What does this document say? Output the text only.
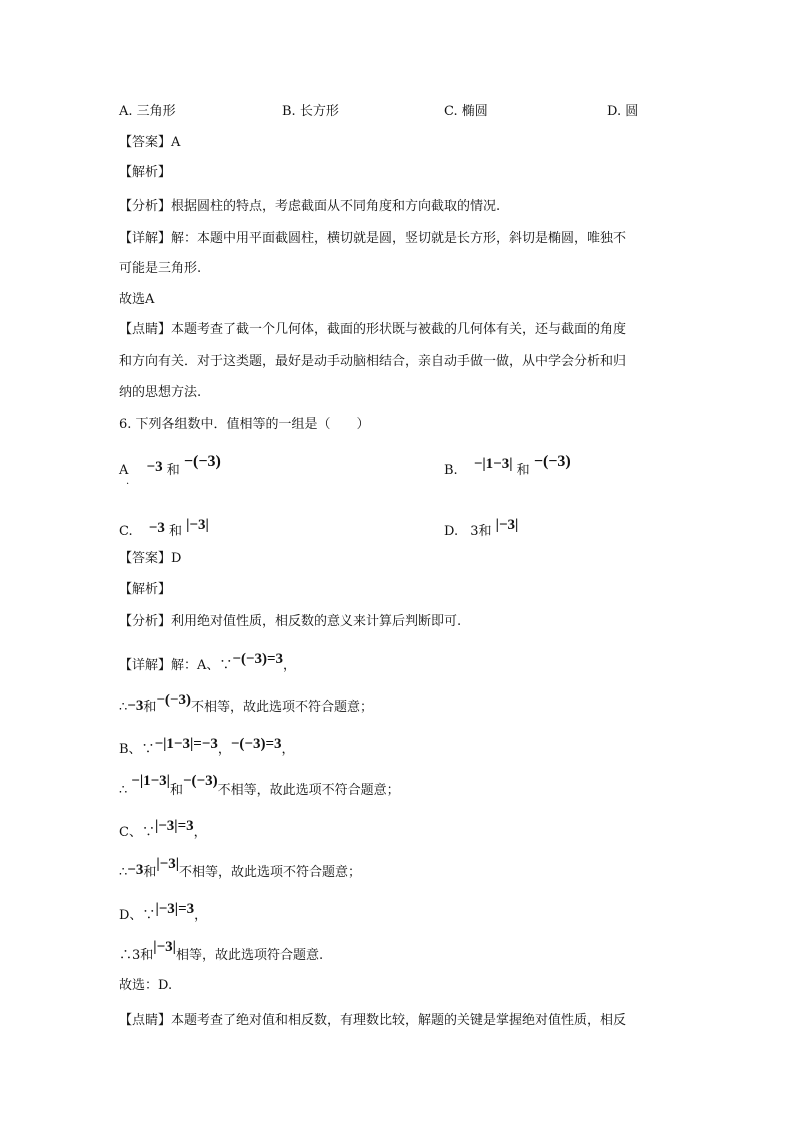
A. 三角形	B. 长方形	C. 椭圆	D. 圆
【答案】A
【解析】
【分析】根据圆柱的特点，考虑截面从不同角度和方向截取的情况.
【详解】解：本题中用平面截圆柱，横切就是圆，竖切就是长方形，斜切是椭圆，唯独不
可能是三角形.
故选A
【点睛】本题考查了截一个几何体，截面的形状既与被截的几何体有关，还与截面的角度
和方向有关．对于这类题，最好是动手动脑相结合，亲自动手做一做，从中学会分析和归
纳的思想方法.
6. 下列各组数中．值相等的一组是（　　）
A −3 和 −(−3)
.
B. −|1−3| 和 −(−3)
C. −3 和 |−3|	D. 3和 |−3|
【答案】D
【解析】
【分析】利用绝对值性质，相反数的意义来计算后判断即可.
【详解】解：A、∵−(−3)=3，
∴−3和−(−3)不相等，故此选项不符合题意；
B、∵−|1−3|=−3，−(−3)=3，
∴−|1−3|和−(−3)不相等，故此选项不符合题意；
C、∵|−3|=3，
∴−3和|−3|不相等，故此选项不符合题意；
D、∵|−3|=3，
∴3和|−3|相等，故此选项符合题意.
故选：D.
【点睛】本题考查了绝对值和相反数，有理数比较，解题的关键是掌握绝对值性质，相反
